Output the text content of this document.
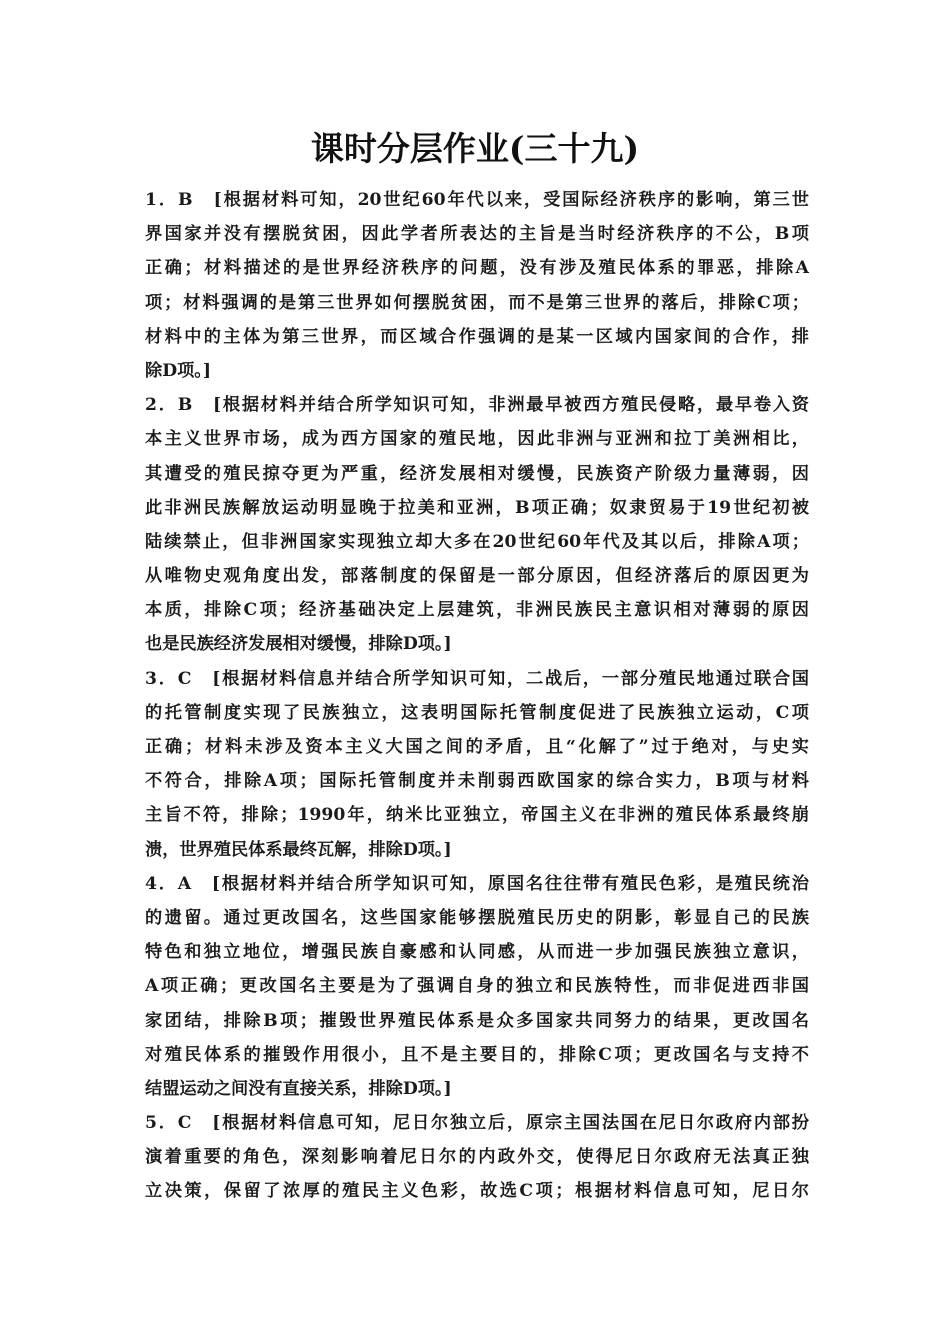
课时分层作业(三十九)
1．B　[根据材料可知，20世纪60年代以来，受国际经济秩序的影响，第三世
界国家并没有摆脱贫困，因此学者所表达的主旨是当时经济秩序的不公，B项
正确；材料描述的是世界经济秩序的问题，没有涉及殖民体系的罪恶，排除A
项；材料强调的是第三世界如何摆脱贫困，而不是第三世界的落后，排除C项；
材料中的主体为第三世界，而区域合作强调的是某一区域内国家间的合作，排
除D项。]
2．B　[根据材料并结合所学知识可知，非洲最早被西方殖民侵略，最早卷入资
本主义世界市场，成为西方国家的殖民地，因此非洲与亚洲和拉丁美洲相比，
其遭受的殖民掠夺更为严重，经济发展相对缓慢，民族资产阶级力量薄弱，因
此非洲民族解放运动明显晚于拉美和亚洲，B项正确；奴隶贸易于19世纪初被
陆续禁止，但非洲国家实现独立却大多在20世纪60年代及其以后，排除A项；
从唯物史观角度出发，部落制度的保留是一部分原因，但经济落后的原因更为
本质，排除C项；经济基础决定上层建筑，非洲民族民主意识相对薄弱的原因
也是民族经济发展相对缓慢，排除D项。]
3．C　[根据材料信息并结合所学知识可知，二战后，一部分殖民地通过联合国
的托管制度实现了民族独立，这表明国际托管制度促进了民族独立运动，C项
正确；材料未涉及资本主义大国之间的矛盾，且“化解了”过于绝对，与史实
不符合，排除A项；国际托管制度并未削弱西欧国家的综合实力，B项与材料
主旨不符，排除；1990年，纳米比亚独立，帝国主义在非洲的殖民体系最终崩
溃，世界殖民体系最终瓦解，排除D项。]
4．A　[根据材料并结合所学知识可知，原国名往往带有殖民色彩，是殖民统治
的遗留。通过更改国名，这些国家能够摆脱殖民历史的阴影，彰显自己的民族
特色和独立地位，增强民族自豪感和认同感，从而进一步加强民族独立意识，
A项正确；更改国名主要是为了强调自身的独立和民族特性，而非促进西非国
家团结，排除B项；摧毁世界殖民体系是众多国家共同努力的结果，更改国名
对殖民体系的摧毁作用很小，且不是主要目的，排除C项；更改国名与支持不
结盟运动之间没有直接关系，排除D项。]
5．C　[根据材料信息可知，尼日尔独立后，原宗主国法国在尼日尔政府内部扮
演着重要的角色，深刻影响着尼日尔的内政外交，使得尼日尔政府无法真正独
立决策，保留了浓厚的殖民主义色彩，故选C项；根据材料信息可知，尼日尔
